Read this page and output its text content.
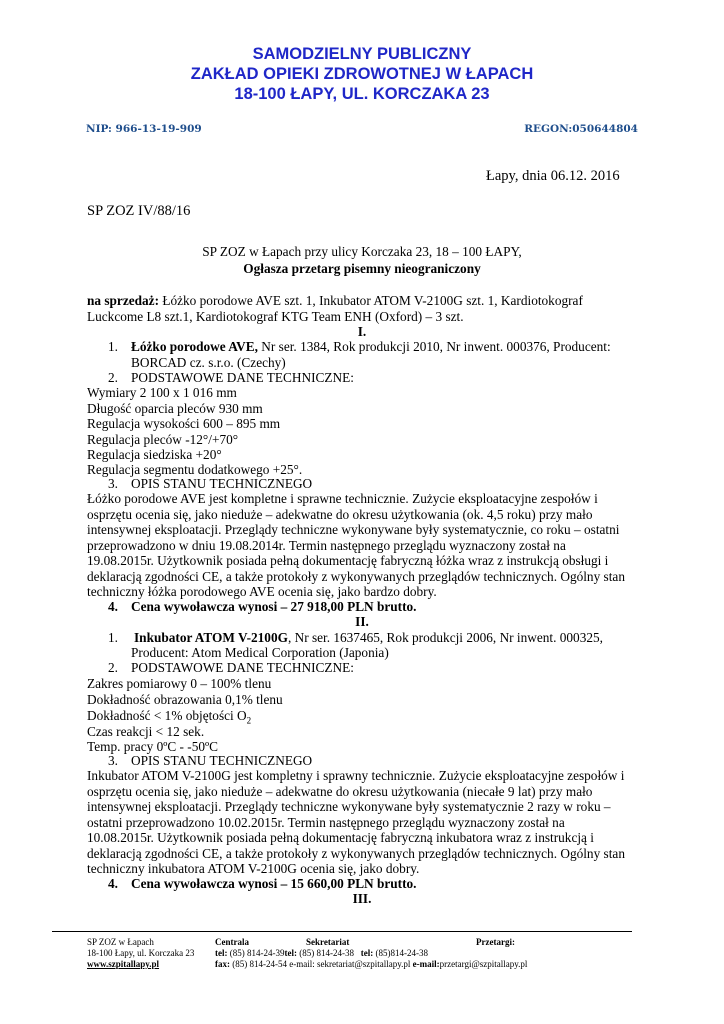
SAMODZIELNY PUBLICZNY
ZAKŁAD OPIEKI ZDROWOTNEJ W ŁAPACH
18-100 ŁAPY, UL. KORCZAKA 23
NIP: 966-13-19-909	REGON:050644804
Łapy, dnia 06.12. 2016
SP ZOZ IV/88/16
SP ZOZ w Łapach przy ulicy Korczaka 23, 18 – 100 ŁAPY,
Ogłasza przetarg pisemny nieograniczony
na sprzedaż: Łóżko porodowe AVE szt. 1, Inkubator ATOM V-2100G szt. 1, Kardiotokograf
Luckcome L8 szt.1, Kardiotokograf KTG Team ENH (Oxford) – 3 szt.
I.
1. Łóżko porodowe AVE, Nr ser. 1384, Rok produkcji 2010, Nr inwent. 000376, Producent:
BORCAD cz. s.r.o. (Czechy)
2. PODSTAWOWE DANE TECHNICZNE:
Wymiary 2 100 x 1 016 mm
Długość oparcia pleców 930 mm
Regulacja wysokości 600 – 895 mm
Regulacja pleców -12°/+70°
Regulacja siedziska +20°
Regulacja segmentu dodatkowego +25°.
3. OPIS STANU TECHNICZNEGO
Łóżko porodowe AVE jest kompletne i sprawne technicznie. Zużycie eksploatacyjne zespołów i
osprzętu ocenia się, jako nieduże – adekwatne do okresu użytkowania (ok. 4,5 roku) przy mało
intensywnej eksploatacji. Przeglądy techniczne wykonywane były systematycznie, co roku – ostatni
przeprowadzono w dniu 19.08.2014r. Termin następnego przeglądu wyznaczony został na
19.08.2015r. Użytkownik posiada pełną dokumentację fabryczną łóżka wraz z instrukcją obsługi i
deklaracją zgodności CE, a także protokoły z wykonywanych przeglądów technicznych. Ogólny stan
techniczny łóżka porodowego AVE ocenia się, jako bardzo dobry.
4. Cena wywoławcza wynosi – 27 918,00 PLN brutto.
II.
1. Inkubator ATOM V-2100G, Nr ser. 1637465, Rok produkcji 2006, Nr inwent. 000325,
Producent: Atom Medical Corporation (Japonia)
2. PODSTAWOWE DANE TECHNICZNE:
Zakres pomiarowy 0 – 100% tlenu
Dokładność obrazowania 0,1% tlenu
Dokładność < 1% objętości $O_2$
Czas reakcji < 12 sek.
Temp. pracy 0ºC - -50ºC
3. OPIS STANU TECHNICZNEGO
Inkubator ATOM V-2100G jest kompletny i sprawny technicznie. Zużycie eksploatacyjne zespołów i
osprzętu ocenia się, jako nieduże – adekwatne do okresu użytkowania (niecałe 9 lat) przy mało
intensywnej eksploatacji. Przeglądy techniczne wykonywane były systematycznie 2 razy w roku –
ostatni przeprowadzono 10.02.2015r. Termin następnego przeglądu wyznaczony został na
10.08.2015r. Użytkownik posiada pełną dokumentację fabryczną inkubatora wraz z instrukcją i
deklaracją zgodności CE, a także protokoły z wykonywanych przeglądów technicznych. Ogólny stan
techniczny inkubatora ATOM V-2100G ocenia się, jako dobry.
4. Cena wywoławcza wynosi – 15 660,00 PLN brutto.
III.
SP ZOZ w Łapach
18-100 Łapy, ul. Korczaka 23
www.szpitallapy.pl
Centrala	Sekretariat	Przetargi:
tel: (85) 814-24-39tel: (85) 814-24-38 tel: (85)814-24-38
fax: (85) 814-24-54 e-mail: sekretariat@szpitallapy.pl e-mail:przetargi@szpitallapy.pl
